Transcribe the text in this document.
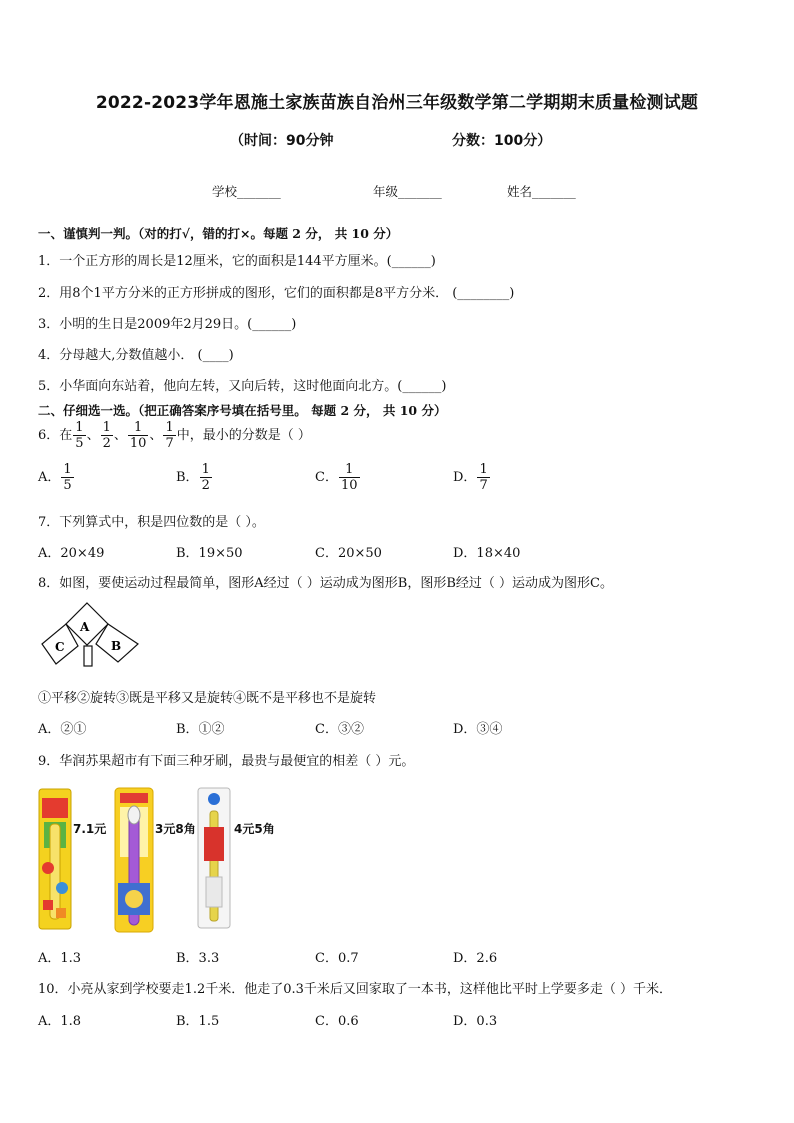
2022-2023学年恩施土家族苗族自治州三年级数学第二学期期末质量检测试题
（时间：90分钟	分数：100分）
学校_______	年级_______	姓名_______
一、谨慎判一判。（对的打√，错的打×。每题 2 分， 共 10 分）
1．一个正方形的周长是12厘米，它的面积是144平方厘米。(______)
2．用8个1平方分米的正方形拼成的图形，它们的面积都是8平方分米． (________)
3．小明的生日是2009年2月29日。(______)
4．分母越大,分数值越小． (____)
5．小华面向东站着，他向左转，又向后转，这时他面向北方。(______)
二、仔细选一选。（把正确答案序号填在括号里。 每题 2 分， 共 10 分）
6．在 $\frac{1}{5}$ 、 $\frac{1}{2}$ 、 $\frac{1}{10}$ 、 $\frac{1}{7}$ 中，最小的分数是（ ）
A． $\frac{1}{5}$	B． $\frac{1}{2}$	C． $\frac{1}{10}$	D． $\frac{1}{7}$
7．下列算式中，积是四位数的是（ ）。
A．20×49	B．19×50	C．20×50	D．18×40
8．如图，要使运动过程最简单，图形A经过（ ）运动成为图形B，图形B经过（ ）运动成为图形C。
A
B
C
①平移②旋转③既是平移又是旋转④既不是平移也不是旋转
A．②①	B．①②	C．③②	D．③④
9．华润苏果超市有下面三种牙刷，最贵与最便宜的相差（ ）元。
7.1元	3元8角	4元5角
A．1.3	B．3.3	C．0.7	D．2.6
10．小亮从家到学校要走1.2千米．他走了0.3千米后又回家取了一本书，这样他比平时上学要多走（ ）千米．
A．1.8	B．1.5	C．0.6	D．0.3
